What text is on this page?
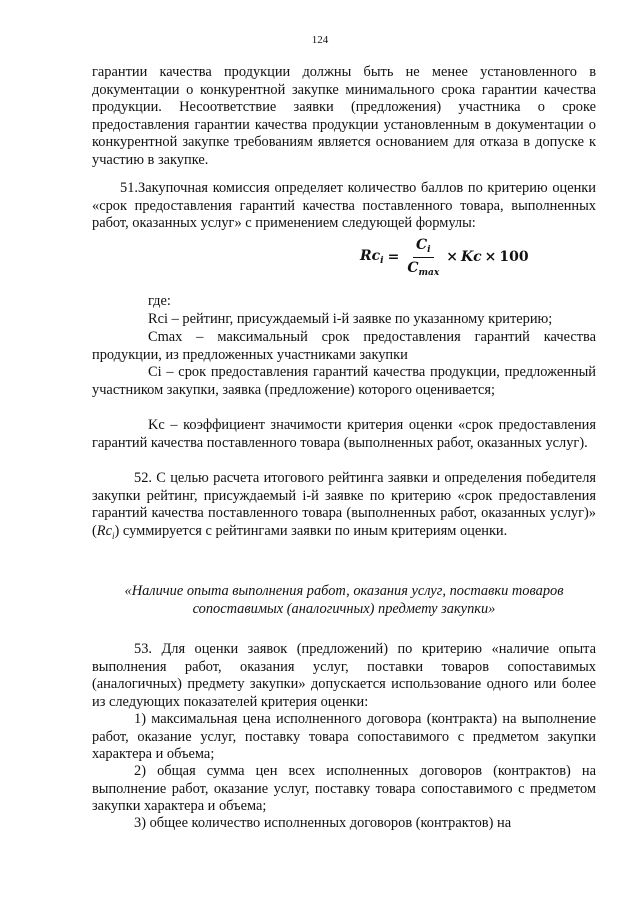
124

гарантии качества продукции должны быть не менее установленного в документации о конкурентной закупке минимального срока гарантии качества продукции. Несоответствие заявки (предложения) участника о сроке предоставления гарантии качества продукции установленным в документации о конкурентной закупке требованиям является основанием для отказа в допуске к участию в закупке.

51.Закупочная комиссия определяет количество баллов по критерию оценки «срок предоставления гарантий качества поставленного товара, выполненных работ, оказанных услуг» с применением следующей формулы:

$Rc_i = \frac{C_i}{C_{max}} \times Kc \times 100$

где:

Rci – рейтинг, присуждаемый i-й заявке по указанному критерию;

Cmax – максимальный срок предоставления гарантий качества продукции, из предложенных участниками закупки

Ci – срок предоставления гарантий качества продукции, предложенный участником закупки, заявка (предложение) которого оценивается;

Kc – коэффициент значимости критерия оценки «срок предоставления гарантий качества поставленного товара (выполненных работ, оказанных услуг).

52. С целью расчета итогового рейтинга заявки и определения победителя закупки рейтинг, присуждаемый i-й заявке по критерию «срок предоставления гарантий качества поставленного товара (выполненных работ, оказанных услуг)» $(Rc_i)$ суммируется с рейтингами заявки по иным критериям оценки.

«Наличие опыта выполнения работ, оказания услуг, поставки товаров
сопоставимых (аналогичных) предмету закупки»

53. Для оценки заявок (предложений) по критерию «наличие опыта выполнения работ, оказания услуг, поставки товаров сопоставимых (аналогичных) предмету закупки» допускается использование одного или более из следующих показателей критерия оценки:

1) максимальная цена исполненного договора (контракта) на выполнение работ, оказание услуг, поставку товара сопоставимого с предметом закупки характера и объема;

2) общая сумма цен всех исполненных договоров (контрактов) на выполнение работ, оказание услуг, поставку товара сопоставимого с предметом закупки характера и объема;

3) общее количество исполненных договоров (контрактов) на
